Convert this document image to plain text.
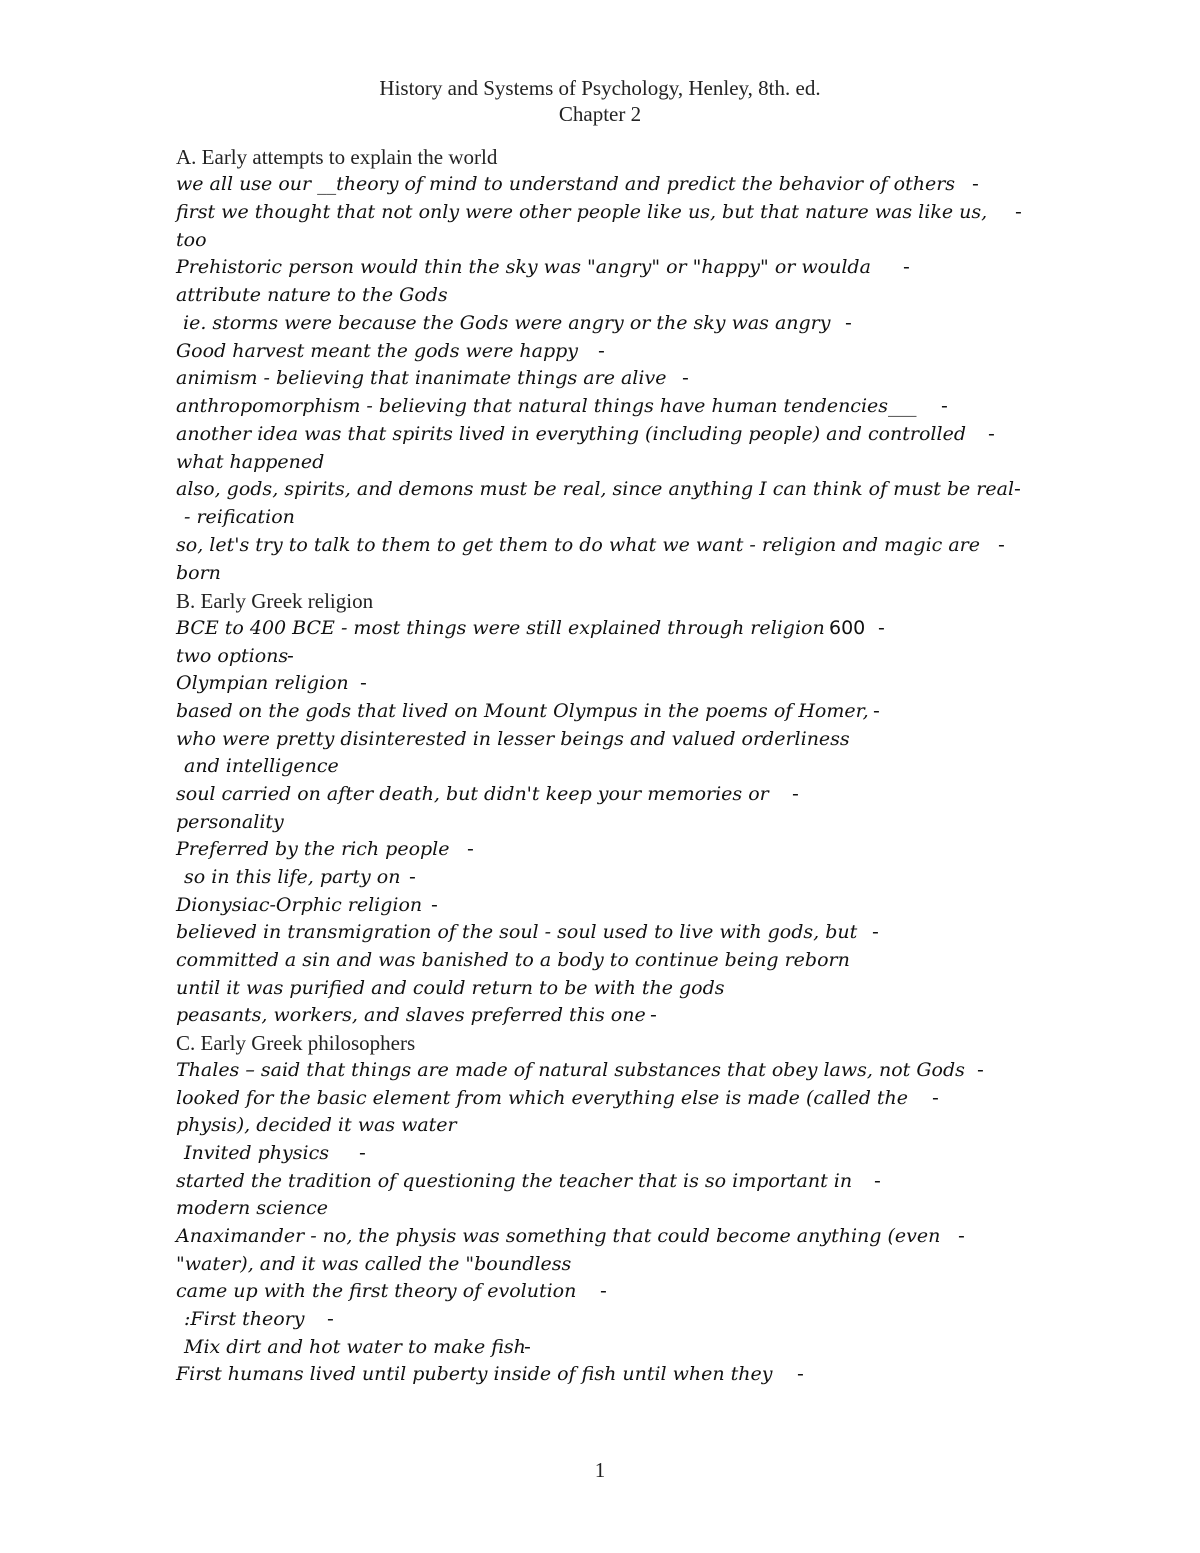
History and Systems of Psychology, Henley, 8th. ed.
Chapter 2
A. Early attempts to explain the world
we all use our __theory of mind to understand and predict the behavior of others
first we thought that not only were other people like us, but that nature was like us,
too
Prehistoric person would thin the sky was "angry" or "happy" or woulda
attribute nature to the Gods
ie. storms were because the Gods were angry or the sky was angry
Good harvest meant the gods were happy
animism - believing that inanimate things are alive
anthropomorphism - believing that natural things have human tendencies___
another idea was that spirits lived in everything (including people) and controlled
what happened
also, gods, spirits, and demons must be real, since anything I can think of must be real
- reification
so, let's try to talk to them to get them to do what we want - religion and magic are
born
B. Early Greek religion
BCE to 400 BCE - most things were still explained through religion 600
two options
Olympian religion
based on the gods that lived on Mount Olympus in the poems of Homer,
who were pretty disinterested in lesser beings and valued orderliness
and intelligence
soul carried on after death, but didn't keep your memories or
personality
Preferred by the rich people
so in this life, party on
Dionysiac-Orphic religion
believed in transmigration of the soul - soul used to live with gods, but
committed a sin and was banished to a body to continue being reborn
until it was purified and could return to be with the gods
peasants, workers, and slaves preferred this one
C. Early Greek philosophers
Thales – said that things are made of natural substances that obey laws, not Gods
looked for the basic element from which everything else is made (called the
physis), decided it was water
Invited physics
started the tradition of questioning the teacher that is so important in
modern science
Anaximander - no, the physis was something that could become anything (even
"water), and it was called the "boundless
came up with the first theory of evolution
:First theory
Mix dirt and hot water to make fish
First humans lived until puberty inside of fish until when they
1
-
-
-
-
-
-
-
-
-
-
-
-
-
-
-
-
-
-
-
-
-
-
-
-
-
-
-
-
-
